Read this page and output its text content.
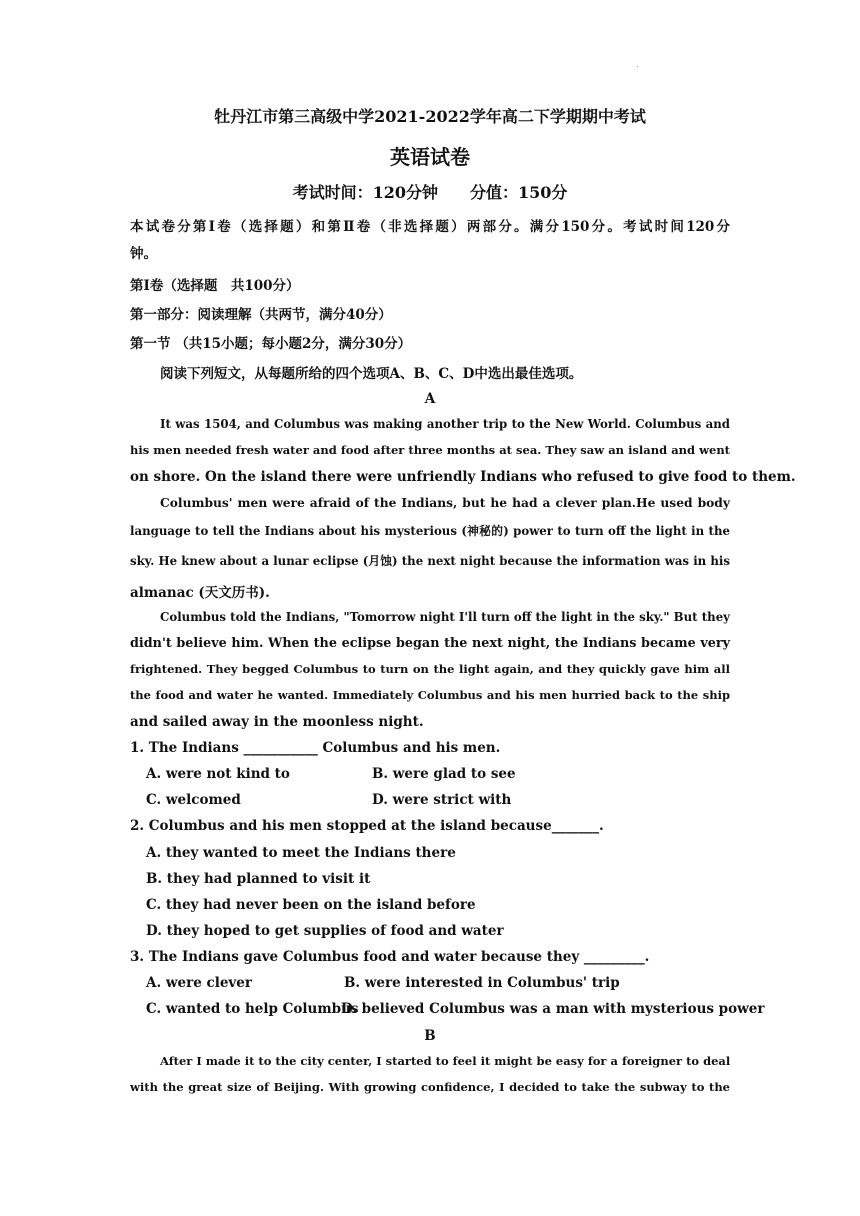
.
牡丹江市第三高级中学2021-2022学年高二下学期期中考试
英语试卷
考试时间：120分钟　　分值：150分
本试卷分第Ⅰ卷（选择题）和第Ⅱ卷（非选择题）两部分。满分150分。考试时间120分
钟。
第Ⅰ卷（选择题　共100分）
第一部分：阅读理解（共两节，满分40分）
第一节 （共15小题；每小题2分，满分30分）
阅读下列短文，从每题所给的四个选项A、B、C、D中选出最佳选项。
A
It was 1504, and Columbus was making another trip to the New World. Columbus and
his men needed fresh water and food after three months at sea. They saw an island and went
on shore. On the island there were unfriendly Indians who refused to give food to them.
Columbus' men were afraid of the Indians, but he had a clever plan.He used body
language to tell the Indians about his mysterious (神秘的) power to turn off the light in the
sky. He knew about a lunar eclipse (月蚀) the next night because the information was in his
almanac (天文历书).
Columbus told the Indians, "Tomorrow night I'll turn off the light in the sky." But they
didn't believe him. When the eclipse began the next night, the Indians became very
frightened. They begged Columbus to turn on the light again, and they quickly gave him all
the food and water he wanted. Immediately Columbus and his men hurried back to the ship
and sailed away in the moonless night.
1. The Indians ___________ Columbus and his men.
A. were not kind to	B. were glad to see
C. welcomed	D. were strict with
2. Columbus and his men stopped at the island because_______.
A. they wanted to meet the Indians there
B. they had planned to visit it
C. they had never been on the island before
D. they hoped to get supplies of food and water
3. The Indians gave Columbus food and water because they _________.
A. were clever	B. were interested in Columbus' trip
C. wanted to help Columbus
D. believed Columbus was a man with mysterious power
B
After I made it to the city center, I started to feel it might be easy for a foreigner to deal
with the great size of Beijing. With growing confidence, I decided to take the subway to the
